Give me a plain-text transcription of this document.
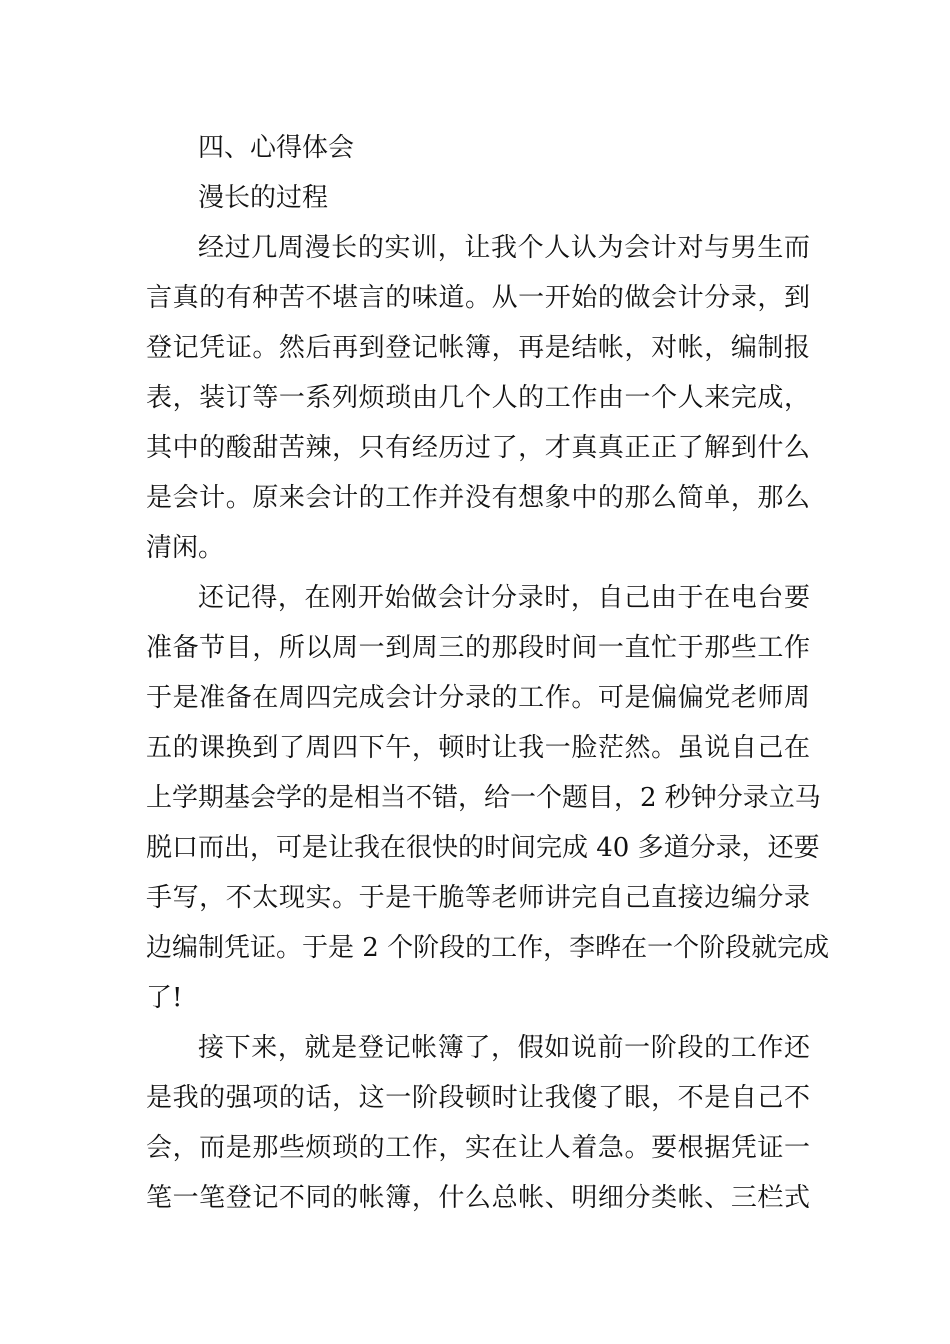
四、心得体会
漫长的过程
经过几周漫长的实训，让我个人认为会计对与男生而
言真的有种苦不堪言的味道。从一开始的做会计分录，到
登记凭证。然后再到登记帐簿，再是结帐，对帐，编制报
表，装订等一系列烦琐由几个人的工作由一个人来完成，
其中的酸甜苦辣，只有经历过了，才真真正正了解到什么
是会计。原来会计的工作并没有想象中的那么简单，那么
清闲。
还记得，在刚开始做会计分录时，自己由于在电台要
准备节目，所以周一到周三的那段时间一直忙于那些工作
于是准备在周四完成会计分录的工作。可是偏偏党老师周
五的课换到了周四下午，顿时让我一脸茫然。虽说自己在
上学期基会学的是相当不错，给一个题目，2 秒钟分录立马
脱口而出，可是让我在很快的时间完成 40 多道分录，还要
手写，不太现实。于是干脆等老师讲完自己直接边编分录
边编制凭证。于是 2 个阶段的工作，李晔在一个阶段就完成
了!
接下来，就是登记帐簿了，假如说前一阶段的工作还
是我的强项的话，这一阶段顿时让我傻了眼，不是自己不
会，而是那些烦琐的工作，实在让人着急。要根据凭证一
笔一笔登记不同的帐簿，什么总帐、明细分类帐、三栏式
